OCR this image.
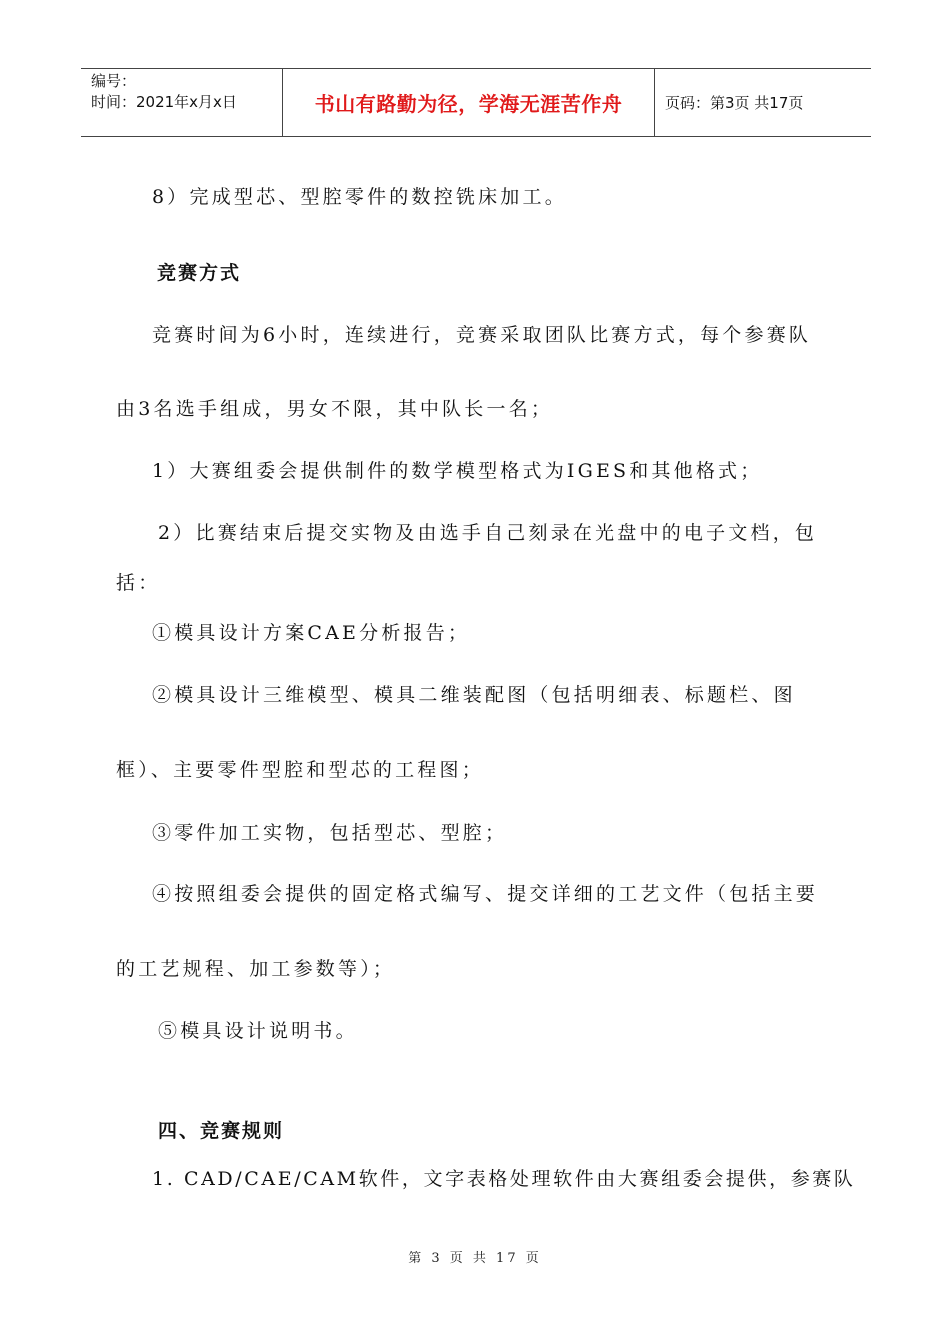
编号：
时间：2021年x月x日	书山有路勤为径，学海无涯苦作舟	页码：第3页 共17页
8）完成型芯、型腔零件的数控铣床加工。
竞赛方式
竞赛时间为6小时，连续进行，竞赛采取团队比赛方式，每个参赛队
由3名选手组成，男女不限，其中队长一名；
1）大赛组委会提供制件的数学模型格式为IGES和其他格式；
2）比赛结束后提交实物及由选手自己刻录在光盘中的电子文档，包
括：
①模具设计方案CAE分析报告；
②模具设计三维模型、模具二维装配图（包括明细表、标题栏、图
框）、主要零件型腔和型芯的工程图；
③零件加工实物，包括型芯、型腔；
④按照组委会提供的固定格式编写、提交详细的工艺文件（包括主要
的工艺规程、加工参数等）；
⑤模具设计说明书。
四、竞赛规则
1. CAD/CAE/CAM软件，文字表格处理软件由大赛组委会提供，参赛队
第 3 页 共 17 页
